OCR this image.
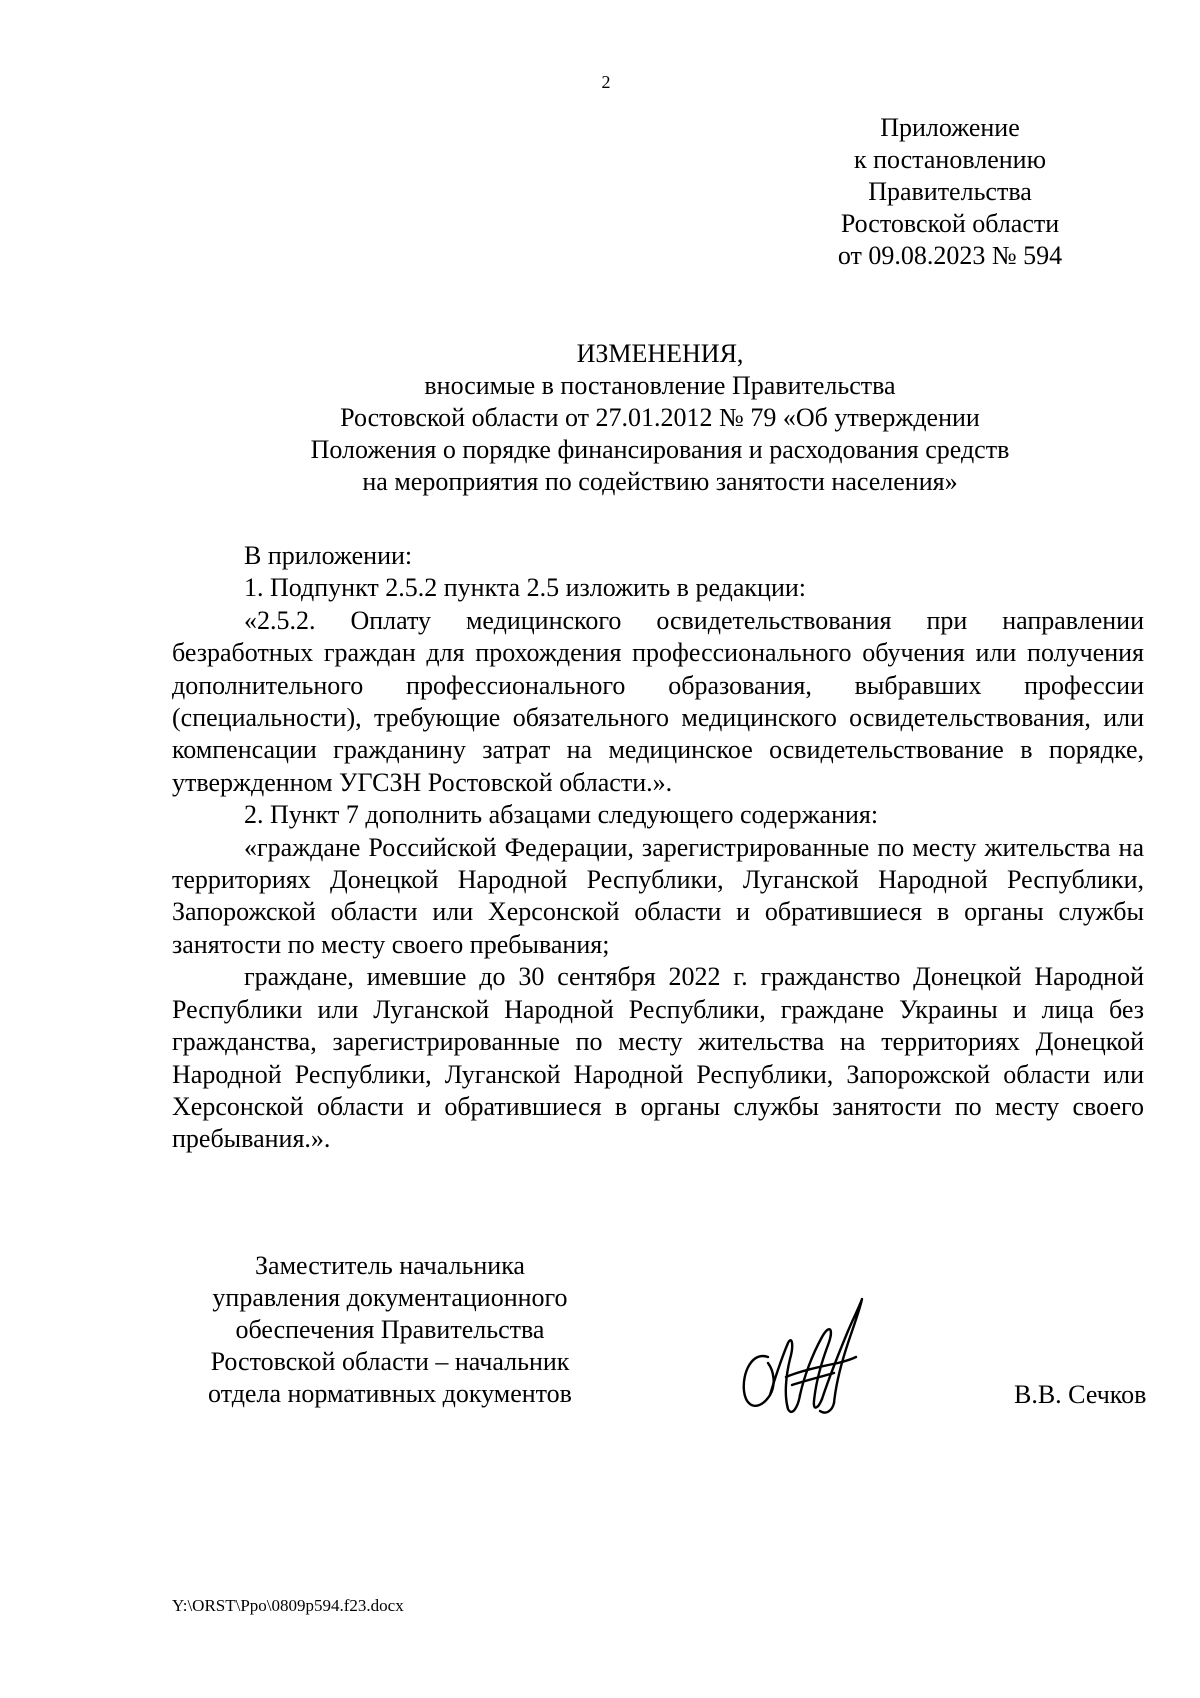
2
Приложение
к постановлению
Правительства
Ростовской области
от 09.08.2023 № 594
ИЗМЕНЕНИЯ,
вносимые в постановление Правительства
Ростовской области от 27.01.2012 № 79 «Об утверждении
Положения о порядке финансирования и расходования средств
на мероприятия по содействию занятости населения»

В приложении:

1. Подпункт 2.5.2 пункта 2.5 изложить в редакции:

«2.5.2. Оплату медицинского освидетельствования при направлении безработных граждан для прохождения профессионального обучения или получения дополнительного профессионального образования, выбравших профессии (специальности), требующие обязательного медицинского освидетельствования, или компенсации гражданину затрат на медицинское освидетельствование в порядке, утвержденном УГСЗН Ростовской области.».

2. Пункт 7 дополнить абзацами следующего содержания:

«граждане Российской Федерации, зарегистрированные по месту жительства на территориях Донецкой Народной Республики, Луганской Народной Республики, Запорожской области или Херсонской области и обратившиеся в органы службы занятости по месту своего пребывания;

граждане, имевшие до 30 сентября 2022 г. гражданство Донецкой Народной Республики или Луганской Народной Республики, граждане Украины и лица без гражданства, зарегистрированные по месту жительства на территориях Донецкой Народной Республики, Луганской Народной Республики, Запорожской области или Херсонской области и обратившиеся в органы службы занятости по месту своего пребывания.».

Заместитель начальника
управления документационного
обеспечения Правительства
Ростовской области – начальник
отдела нормативных документов	В.В. Сечков
Y:\ORST\Ppo\0809p594.f23.docx
